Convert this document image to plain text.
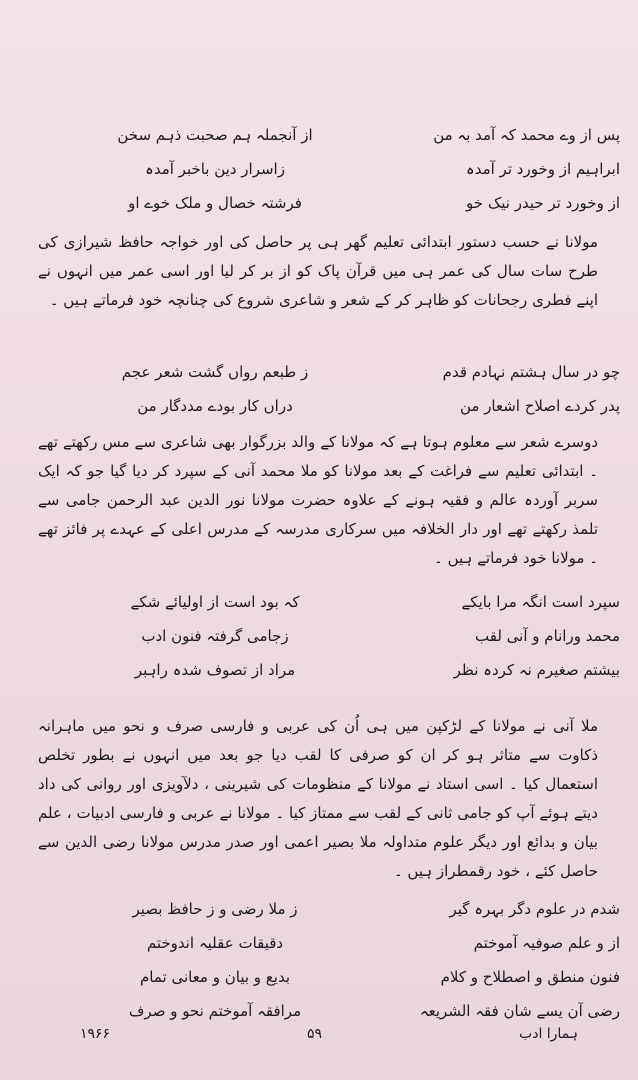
پس از وے محمد کہ آمد بہ من
از آنجملہ ہم صحبت ذہم سخن
ابراہیم از وخورد تر آمدہ
زاسرار دین باخبر آمدہ
از وخورد تر حیدر نیک خو
فرشتہ خصال و ملک خوے او

مولانا نے حسب دستور ابتدائی تعلیم گھر ہی پر حاصل کی اور خواجہ حافظ شیرازی کی طرح سات سال کی عمر ہی میں قرآن پاک کو از بر کر لیا اور اسی عمر میں انہوں نے اپنے فطری رجحانات کو ظاہر کر کے شعر و شاعری شروع کی چنانچہ خود فرماتے ہیں ۔

چو در سال ہشتم نہادم قدم
ز طبعم رواں گشت شعر عجم
پدر کردے اصلاح اشعار من
دراں کار بودے مددگار من

دوسرے شعر سے معلوم ہوتا ہے کہ مولانا کے والد بزرگوار بھی شاعری سے مس رکھتے تھے ۔ ابتدائی تعلیم سے فراغت کے بعد مولانا کو ملا محمد آنی کے سپرد کر دیا گیا جو کہ ایک سربر آوردہ عالم و فقیہ ہونے کے علاوہ حضرت مولانا نور الدین عبد الرحمن جامی سے تلمذ رکھتے تھے اور دار الخلافہ میں سرکاری مدرسہ کے مدرس اعلی کے عہدے پر فائز تھے ۔ مولانا خود فرماتے ہیں ۔

سپرد است انگہ مرا بایکے
کہ بود است از اولیائے شکے
محمد ورانام و آنی لقب
زجامی گرفتہ فنون ادب
بیشتم صغیرم نہ کردہ نظر
مراد از تصوف شدہ راہبر

ملا آنی نے مولانا کے لڑکپن میں ہی اُن کی عربی و فارسی صرف و نحو میں ماہرانہ ذکاوت سے متاثر ہو کر ان کو صرفی کا لقب دیا جو بعد میں انہوں نے بطور تخلص استعمال کیا ۔ اسی استاد نے مولانا کے منظومات کی شیرینی ، دلآویزی اور روانی کی داد دیتے ہوئے آپ کو جامی ثانی کے لقب سے ممتاز کیا ۔ مولانا نے عربی و فارسی ادبیات ، علم بیان و بدائع اور دیگر علوم متداولہ ملا بصیر اعمی اور صدر مدرس مولانا رضی الدین سے حاصل کئے ، خود رقمطراز ہیں ۔

شدم در علوم دگر بہرہ گیر
ز ملا رضی و ز حافظ بصیر
از و علم صوفیہ آموختم
دقیقات عقلیہ اندوختم
فنون منطق و اصطلاح و کلام
بدیع و بیان و معانی تمام
رضی آن یسے شان فقہ الشریعہ
مرافقہ آموختم نحو و صرف
۱۹۶۶	۵۹	ہمارا ادب
